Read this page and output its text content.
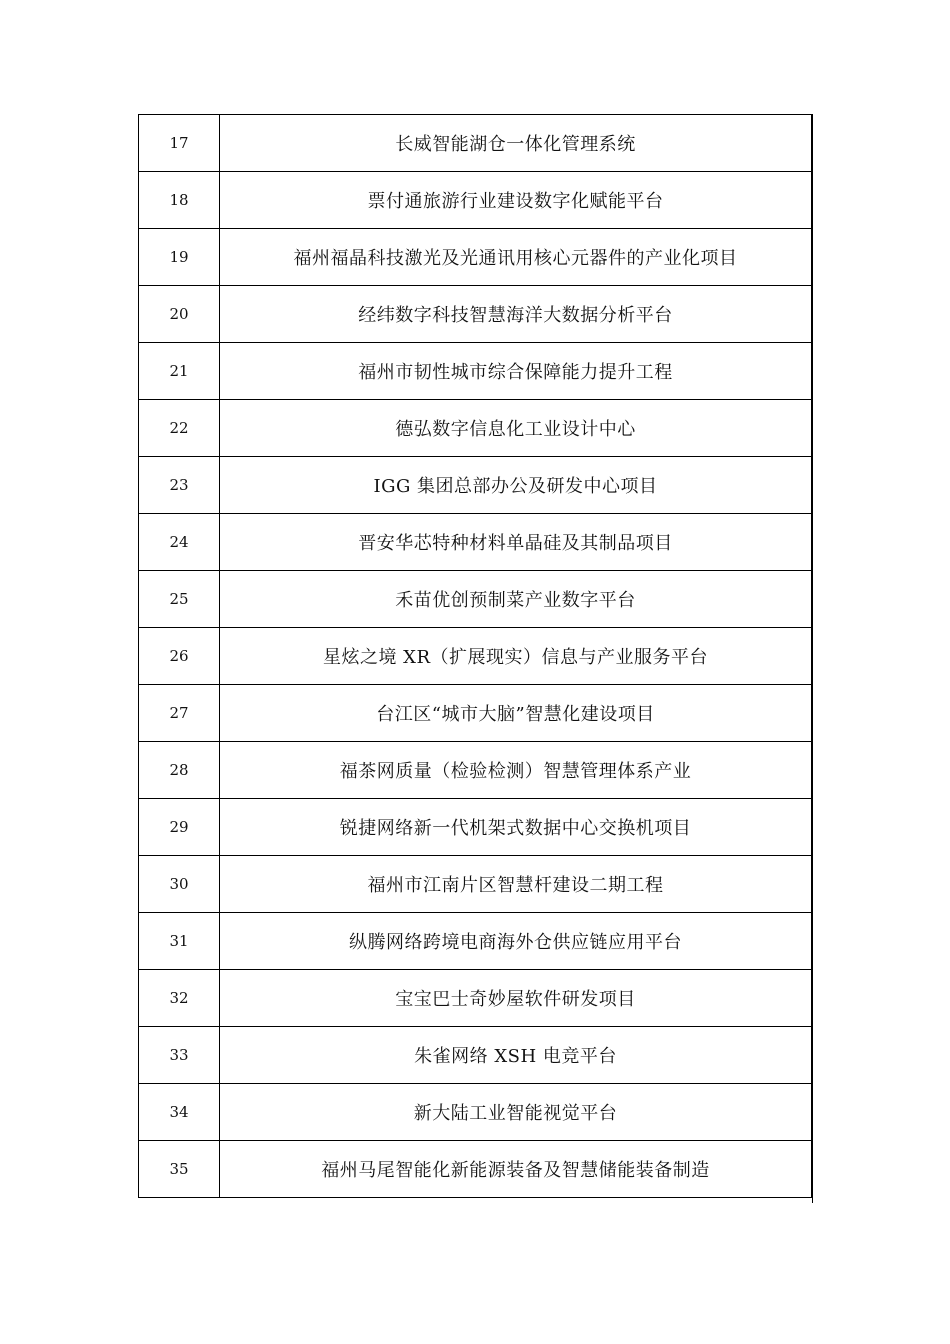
17	长威智能湖仓一体化管理系统
18	票付通旅游行业建设数字化赋能平台
19	福州福晶科技激光及光通讯用核心元器件的产业化项目
20	经纬数字科技智慧海洋大数据分析平台
21	福州市韧性城市综合保障能力提升工程
22	德弘数字信息化工业设计中心
23	IGG 集团总部办公及研发中心项目
24	晋安华芯特种材料单晶硅及其制品项目
25	禾苗优创预制菜产业数字平台
26	星炫之境 XR（扩展现实）信息与产业服务平台
27	台江区“城市大脑”智慧化建设项目
28	福茶网质量（检验检测）智慧管理体系产业
29	锐捷网络新一代机架式数据中心交换机项目
30	福州市江南片区智慧杆建设二期工程
31	纵腾网络跨境电商海外仓供应链应用平台
32	宝宝巴士奇妙屋软件研发项目
33	朱雀网络 XSH 电竞平台
34	新大陆工业智能视觉平台
35	福州马尾智能化新能源装备及智慧储能装备制造
